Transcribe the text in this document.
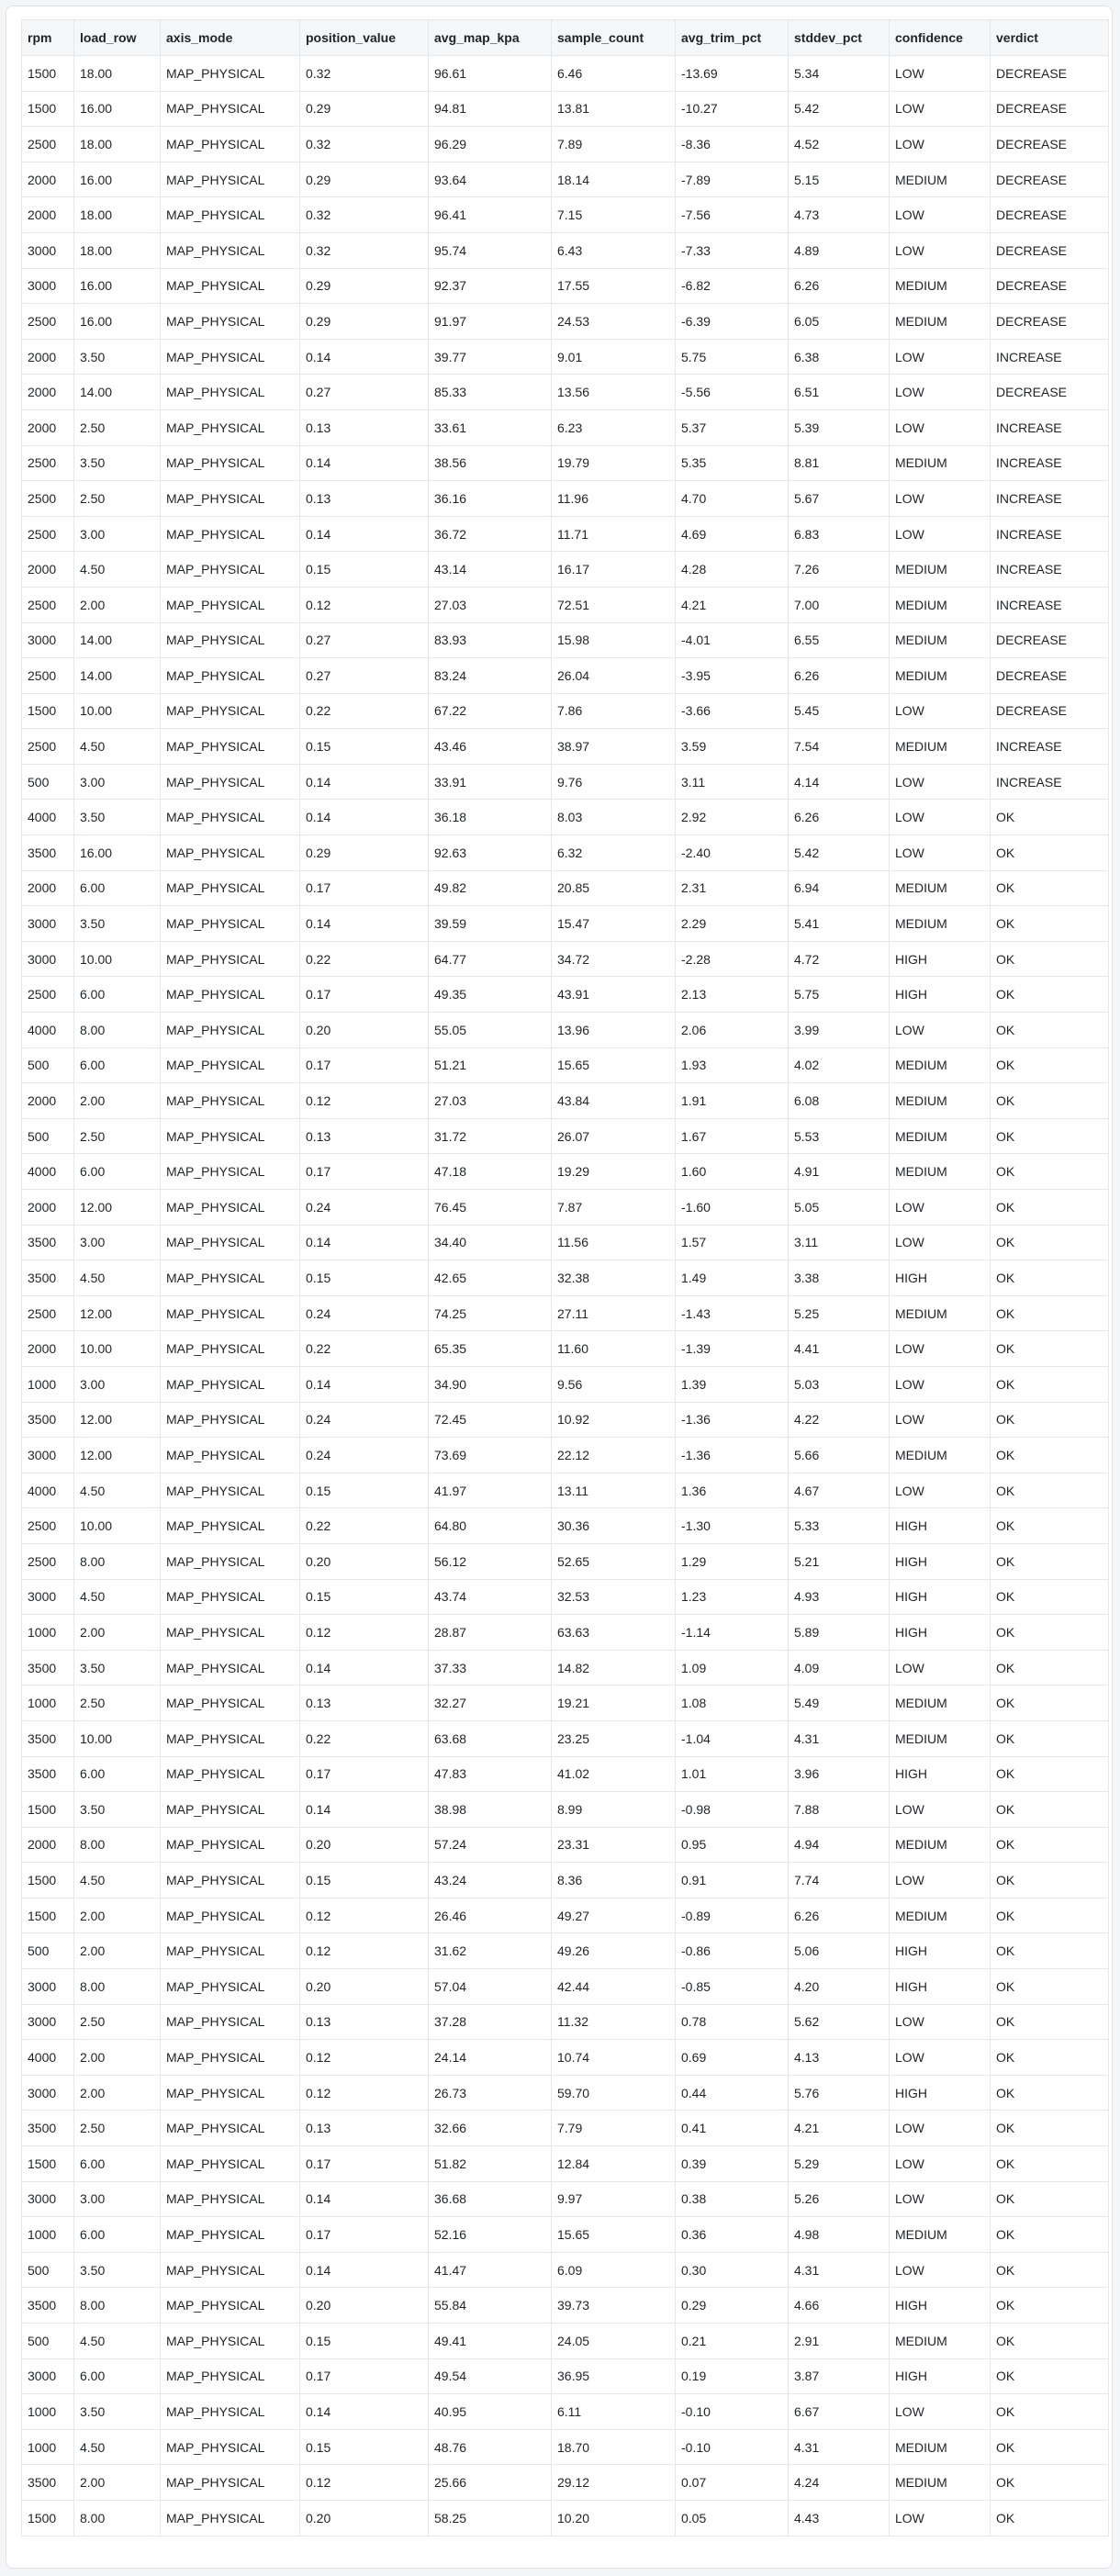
rpm	load_row	axis_mode	position_value	avg_map_kpa	sample_count	avg_trim_pct	stddev_pct	confidence	verdict
1500	18.00	MAP_PHYSICAL	0.32	96.61	6.46	-13.69	5.34	LOW	DECREASE
1500	16.00	MAP_PHYSICAL	0.29	94.81	13.81	-10.27	5.42	LOW	DECREASE
2500	18.00	MAP_PHYSICAL	0.32	96.29	7.89	-8.36	4.52	LOW	DECREASE
2000	16.00	MAP_PHYSICAL	0.29	93.64	18.14	-7.89	5.15	MEDIUM	DECREASE
2000	18.00	MAP_PHYSICAL	0.32	96.41	7.15	-7.56	4.73	LOW	DECREASE
3000	18.00	MAP_PHYSICAL	0.32	95.74	6.43	-7.33	4.89	LOW	DECREASE
3000	16.00	MAP_PHYSICAL	0.29	92.37	17.55	-6.82	6.26	MEDIUM	DECREASE
2500	16.00	MAP_PHYSICAL	0.29	91.97	24.53	-6.39	6.05	MEDIUM	DECREASE
2000	3.50	MAP_PHYSICAL	0.14	39.77	9.01	5.75	6.38	LOW	INCREASE
2000	14.00	MAP_PHYSICAL	0.27	85.33	13.56	-5.56	6.51	LOW	DECREASE
2000	2.50	MAP_PHYSICAL	0.13	33.61	6.23	5.37	5.39	LOW	INCREASE
2500	3.50	MAP_PHYSICAL	0.14	38.56	19.79	5.35	8.81	MEDIUM	INCREASE
2500	2.50	MAP_PHYSICAL	0.13	36.16	11.96	4.70	5.67	LOW	INCREASE
2500	3.00	MAP_PHYSICAL	0.14	36.72	11.71	4.69	6.83	LOW	INCREASE
2000	4.50	MAP_PHYSICAL	0.15	43.14	16.17	4.28	7.26	MEDIUM	INCREASE
2500	2.00	MAP_PHYSICAL	0.12	27.03	72.51	4.21	7.00	MEDIUM	INCREASE
3000	14.00	MAP_PHYSICAL	0.27	83.93	15.98	-4.01	6.55	MEDIUM	DECREASE
2500	14.00	MAP_PHYSICAL	0.27	83.24	26.04	-3.95	6.26	MEDIUM	DECREASE
1500	10.00	MAP_PHYSICAL	0.22	67.22	7.86	-3.66	5.45	LOW	DECREASE
2500	4.50	MAP_PHYSICAL	0.15	43.46	38.97	3.59	7.54	MEDIUM	INCREASE
500	3.00	MAP_PHYSICAL	0.14	33.91	9.76	3.11	4.14	LOW	INCREASE
4000	3.50	MAP_PHYSICAL	0.14	36.18	8.03	2.92	6.26	LOW	OK
3500	16.00	MAP_PHYSICAL	0.29	92.63	6.32	-2.40	5.42	LOW	OK
2000	6.00	MAP_PHYSICAL	0.17	49.82	20.85	2.31	6.94	MEDIUM	OK
3000	3.50	MAP_PHYSICAL	0.14	39.59	15.47	2.29	5.41	MEDIUM	OK
3000	10.00	MAP_PHYSICAL	0.22	64.77	34.72	-2.28	4.72	HIGH	OK
2500	6.00	MAP_PHYSICAL	0.17	49.35	43.91	2.13	5.75	HIGH	OK
4000	8.00	MAP_PHYSICAL	0.20	55.05	13.96	2.06	3.99	LOW	OK
500	6.00	MAP_PHYSICAL	0.17	51.21	15.65	1.93	4.02	MEDIUM	OK
2000	2.00	MAP_PHYSICAL	0.12	27.03	43.84	1.91	6.08	MEDIUM	OK
500	2.50	MAP_PHYSICAL	0.13	31.72	26.07	1.67	5.53	MEDIUM	OK
4000	6.00	MAP_PHYSICAL	0.17	47.18	19.29	1.60	4.91	MEDIUM	OK
2000	12.00	MAP_PHYSICAL	0.24	76.45	7.87	-1.60	5.05	LOW	OK
3500	3.00	MAP_PHYSICAL	0.14	34.40	11.56	1.57	3.11	LOW	OK
3500	4.50	MAP_PHYSICAL	0.15	42.65	32.38	1.49	3.38	HIGH	OK
2500	12.00	MAP_PHYSICAL	0.24	74.25	27.11	-1.43	5.25	MEDIUM	OK
2000	10.00	MAP_PHYSICAL	0.22	65.35	11.60	-1.39	4.41	LOW	OK
1000	3.00	MAP_PHYSICAL	0.14	34.90	9.56	1.39	5.03	LOW	OK
3500	12.00	MAP_PHYSICAL	0.24	72.45	10.92	-1.36	4.22	LOW	OK
3000	12.00	MAP_PHYSICAL	0.24	73.69	22.12	-1.36	5.66	MEDIUM	OK
4000	4.50	MAP_PHYSICAL	0.15	41.97	13.11	1.36	4.67	LOW	OK
2500	10.00	MAP_PHYSICAL	0.22	64.80	30.36	-1.30	5.33	HIGH	OK
2500	8.00	MAP_PHYSICAL	0.20	56.12	52.65	1.29	5.21	HIGH	OK
3000	4.50	MAP_PHYSICAL	0.15	43.74	32.53	1.23	4.93	HIGH	OK
1000	2.00	MAP_PHYSICAL	0.12	28.87	63.63	-1.14	5.89	HIGH	OK
3500	3.50	MAP_PHYSICAL	0.14	37.33	14.82	1.09	4.09	LOW	OK
1000	2.50	MAP_PHYSICAL	0.13	32.27	19.21	1.08	5.49	MEDIUM	OK
3500	10.00	MAP_PHYSICAL	0.22	63.68	23.25	-1.04	4.31	MEDIUM	OK
3500	6.00	MAP_PHYSICAL	0.17	47.83	41.02	1.01	3.96	HIGH	OK
1500	3.50	MAP_PHYSICAL	0.14	38.98	8.99	-0.98	7.88	LOW	OK
2000	8.00	MAP_PHYSICAL	0.20	57.24	23.31	0.95	4.94	MEDIUM	OK
1500	4.50	MAP_PHYSICAL	0.15	43.24	8.36	0.91	7.74	LOW	OK
1500	2.00	MAP_PHYSICAL	0.12	26.46	49.27	-0.89	6.26	MEDIUM	OK
500	2.00	MAP_PHYSICAL	0.12	31.62	49.26	-0.86	5.06	HIGH	OK
3000	8.00	MAP_PHYSICAL	0.20	57.04	42.44	-0.85	4.20	HIGH	OK
3000	2.50	MAP_PHYSICAL	0.13	37.28	11.32	0.78	5.62	LOW	OK
4000	2.00	MAP_PHYSICAL	0.12	24.14	10.74	0.69	4.13	LOW	OK
3000	2.00	MAP_PHYSICAL	0.12	26.73	59.70	0.44	5.76	HIGH	OK
3500	2.50	MAP_PHYSICAL	0.13	32.66	7.79	0.41	4.21	LOW	OK
1500	6.00	MAP_PHYSICAL	0.17	51.82	12.84	0.39	5.29	LOW	OK
3000	3.00	MAP_PHYSICAL	0.14	36.68	9.97	0.38	5.26	LOW	OK
1000	6.00	MAP_PHYSICAL	0.17	52.16	15.65	0.36	4.98	MEDIUM	OK
500	3.50	MAP_PHYSICAL	0.14	41.47	6.09	0.30	4.31	LOW	OK
3500	8.00	MAP_PHYSICAL	0.20	55.84	39.73	0.29	4.66	HIGH	OK
500	4.50	MAP_PHYSICAL	0.15	49.41	24.05	0.21	2.91	MEDIUM	OK
3000	6.00	MAP_PHYSICAL	0.17	49.54	36.95	0.19	3.87	HIGH	OK
1000	3.50	MAP_PHYSICAL	0.14	40.95	6.11	-0.10	6.67	LOW	OK
1000	4.50	MAP_PHYSICAL	0.15	48.76	18.70	-0.10	4.31	MEDIUM	OK
3500	2.00	MAP_PHYSICAL	0.12	25.66	29.12	0.07	4.24	MEDIUM	OK
1500	8.00	MAP_PHYSICAL	0.20	58.25	10.20	0.05	4.43	LOW	OK
